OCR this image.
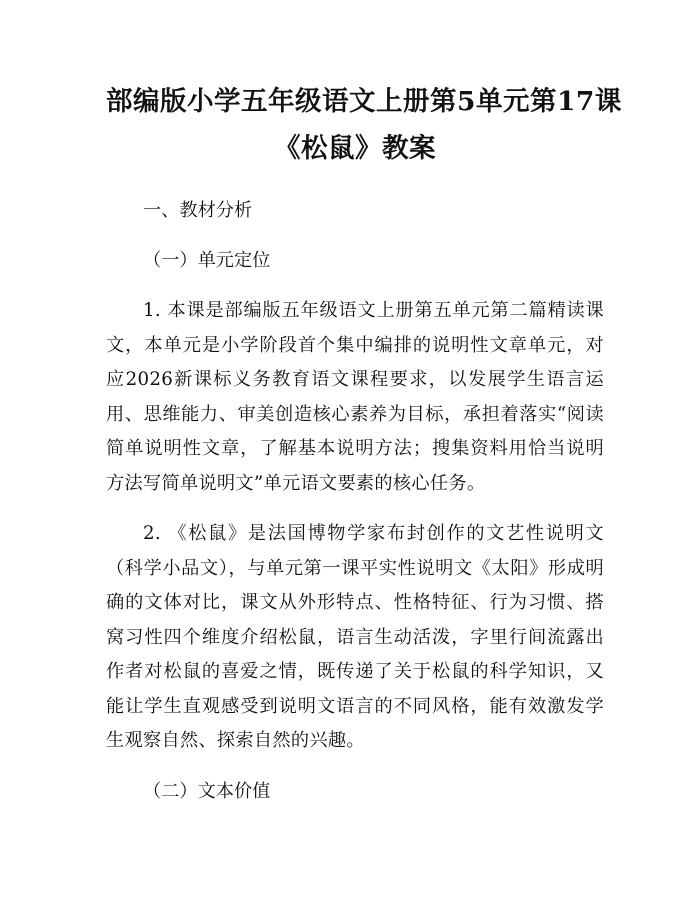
部编版小学五年级语文上册第5单元第17课
《松鼠》教案

一、教材分析

（一）单元定位

1. 本课是部编版五年级语文上册第五单元第二篇精读课文，本单元是小学阶段首个集中编排的说明性文章单元，对应2026新课标义务教育语文课程要求，以发展学生语言运用、思维能力、审美创造核心素养为目标，承担着落实“阅读简单说明性文章，了解基本说明方法；搜集资料用恰当说明方法写简单说明文”单元语文要素的核心任务。

2. 《松鼠》是法国博物学家布封创作的文艺性说明文（科学小品文），与单元第一课平实性说明文《太阳》形成明确的文体对比，课文从外形特点、性格特征、行为习惯、搭窝习性四个维度介绍松鼠，语言生动活泼，字里行间流露出作者对松鼠的喜爱之情，既传递了关于松鼠的科学知识，又能让学生直观感受到说明文语言的不同风格，能有效激发学生观察自然、探索自然的兴趣。

（二）文本价值
